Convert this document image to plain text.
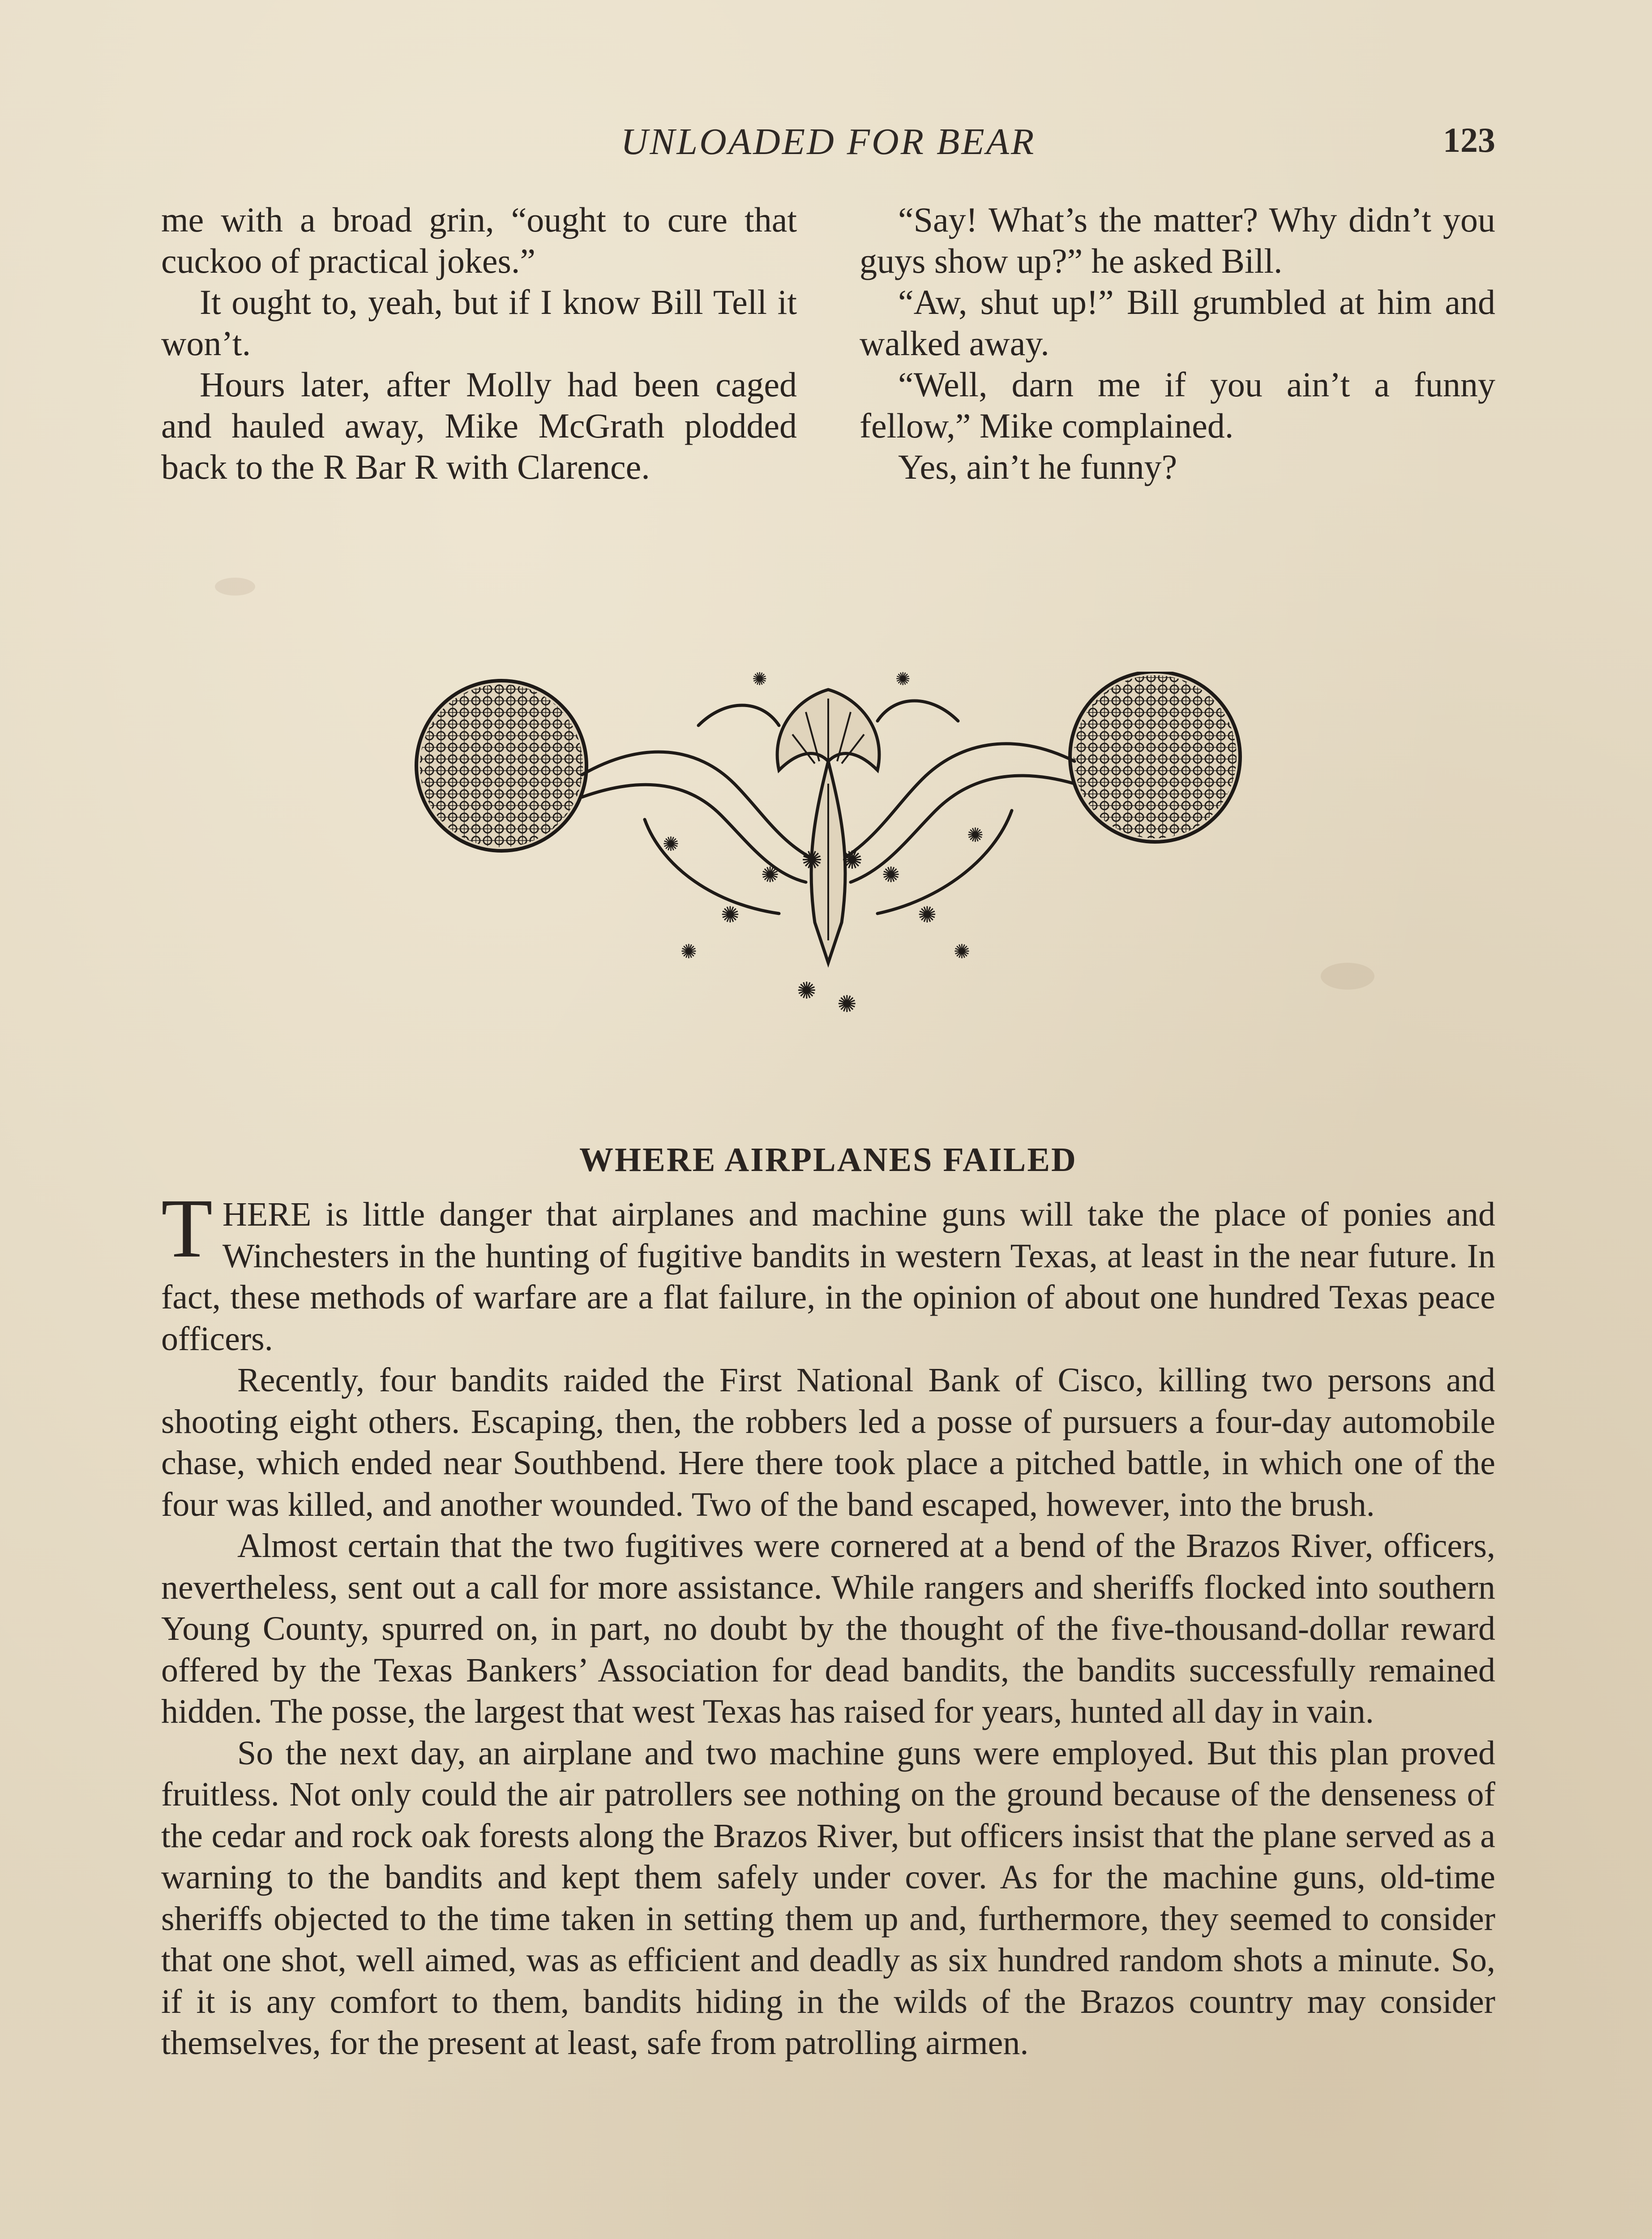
UNLOADED FOR BEAR	123

me with a broad grin, “ought to cure that cuckoo of practical jokes.”

It ought to, yeah, but if I know Bill Tell it won’t.

Hours later, after Molly had been caged and hauled away, Mike McGrath plodded back to the R Bar R with Clarence.

“Say! What’s the matter? Why didn’t you guys show up?” he asked Bill.

“Aw, shut up!” Bill grumbled at him and walked away.

“Well, darn me if you ain’t a funny fellow,” Mike complained.

Yes, ain’t he funny?

✺ ✺
✺	✺
✺	✺
✺	✺
✺
✺
✺
✺
✺
✺
WHERE AIRPLANES FAILED

THERE is little danger that airplanes and machine guns will take the place of ponies and Winchesters in the hunting of fugitive bandits in western Texas, at least in the near future. In fact, these methods of warfare are a flat failure, in the opinion of about one hundred Texas peace officers.

Recently, four bandits raided the First National Bank of Cisco, killing two persons and shooting eight others. Escaping, then, the robbers led a posse of pursuers a four-day automobile chase, which ended near Southbend. Here there took place a pitched battle, in which one of the four was killed, and another wounded. Two of the band escaped, however, into the brush.

Almost certain that the two fugitives were cornered at a bend of the Brazos River, officers, nevertheless, sent out a call for more assistance. While rangers and sheriffs flocked into southern Young County, spurred on, in part, no doubt by the thought of the five-thousand-dollar reward offered by the Texas Bankers’ Association for dead bandits, the bandits successfully remained hidden. The posse, the largest that west Texas has raised for years, hunted all day in vain.

So the next day, an airplane and two machine guns were employed. But this plan proved fruitless. Not only could the air patrollers see nothing on the ground because of the denseness of the cedar and rock oak forests along the Brazos River, but officers insist that the plane served as a warning to the bandits and kept them safely under cover. As for the machine guns, old-time sheriffs objected to the time taken in setting them up and, furthermore, they seemed to consider that one shot, well aimed, was as efficient and deadly as six hundred random shots a minute. So, if it is any comfort to them, bandits hiding in the wilds of the Brazos country may consider themselves, for the present at least, safe from patrolling airmen.
